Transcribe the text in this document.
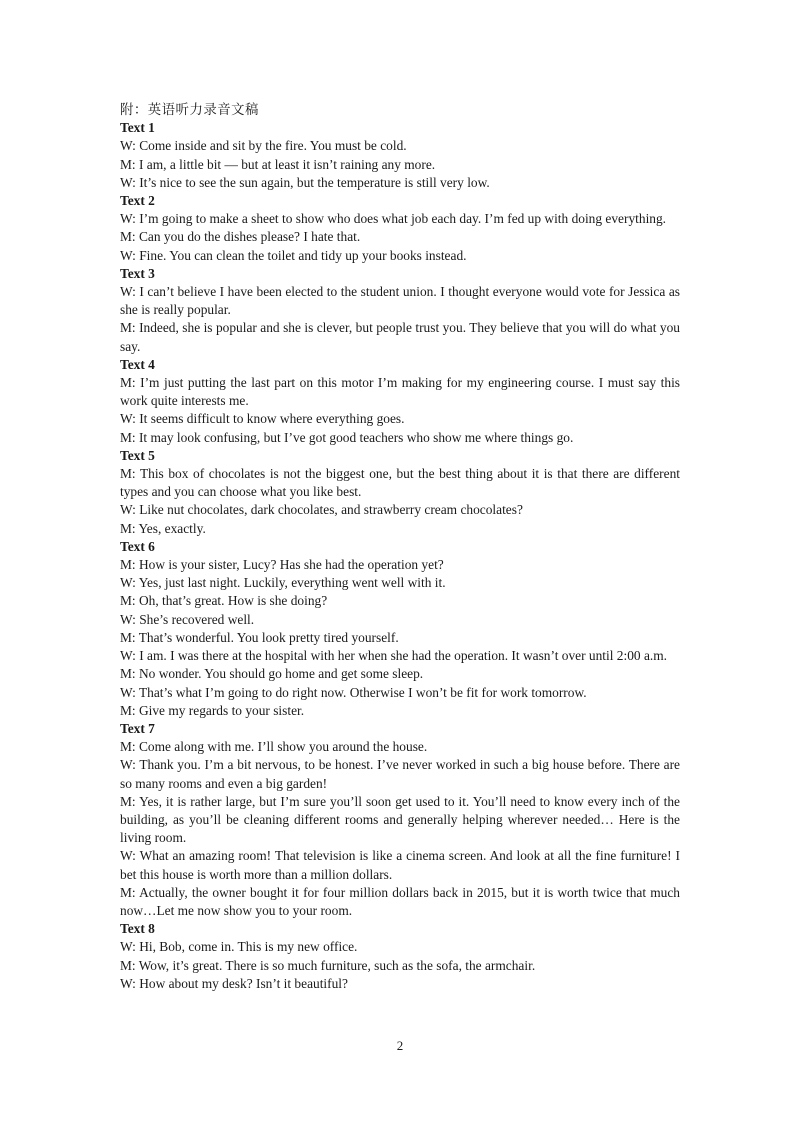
附：英语听力录音文稿
Text 1
W: Come inside and sit by the fire. You must be cold.
M: I am, a little bit — but at least it isn’t raining any more.
W: It’s nice to see the sun again, but the temperature is still very low.
Text 2
W: I’m going to make a sheet to show who does what job each day. I’m fed up with doing everything.
M: Can you do the dishes please? I hate that.
W: Fine. You can clean the toilet and tidy up your books instead.
Text 3
W: I can’t believe I have been elected to the student union. I thought everyone would vote for Jessica as she is really popular.
M: Indeed, she is popular and she is clever, but people trust you. They believe that you will do what you say.
Text 4
M: I’m just putting the last part on this motor I’m making for my engineering course. I must say this work quite interests me.
W: It seems difficult to know where everything goes.
M: It may look confusing, but I’ve got good teachers who show me where things go.
Text 5
M: This box of chocolates is not the biggest one, but the best thing about it is that there are different types and you can choose what you like best.
W: Like nut chocolates, dark chocolates, and strawberry cream chocolates?
M: Yes, exactly.
Text 6
M: How is your sister, Lucy? Has she had the operation yet?
W: Yes, just last night. Luckily, everything went well with it.
M: Oh, that’s great. How is she doing?
W: She’s recovered well.
M: That’s wonderful. You look pretty tired yourself.
W: I am. I was there at the hospital with her when she had the operation. It wasn’t over until 2:00 a.m.
M: No wonder. You should go home and get some sleep.
W: That’s what I’m going to do right now. Otherwise I won’t be fit for work tomorrow.
M: Give my regards to your sister.
Text 7
M: Come along with me. I’ll show you around the house.
W: Thank you. I’m a bit nervous, to be honest. I’ve never worked in such a big house before. There are so many rooms and even a big garden!
M: Yes, it is rather large, but I’m sure you’ll soon get used to it. You’ll need to know every inch of the building, as you’ll be cleaning different rooms and generally helping wherever needed… Here is the living room.
W: What an amazing room! That television is like a cinema screen. And look at all the fine furniture! I bet this house is worth more than a million dollars.
M: Actually, the owner bought it for four million dollars back in 2015, but it is worth twice that much now…Let me now show you to your room.
Text 8
W: Hi, Bob, come in. This is my new office.
M: Wow, it’s great. There is so much furniture, such as the sofa, the armchair.
W: How about my desk? Isn’t it beautiful?
2
